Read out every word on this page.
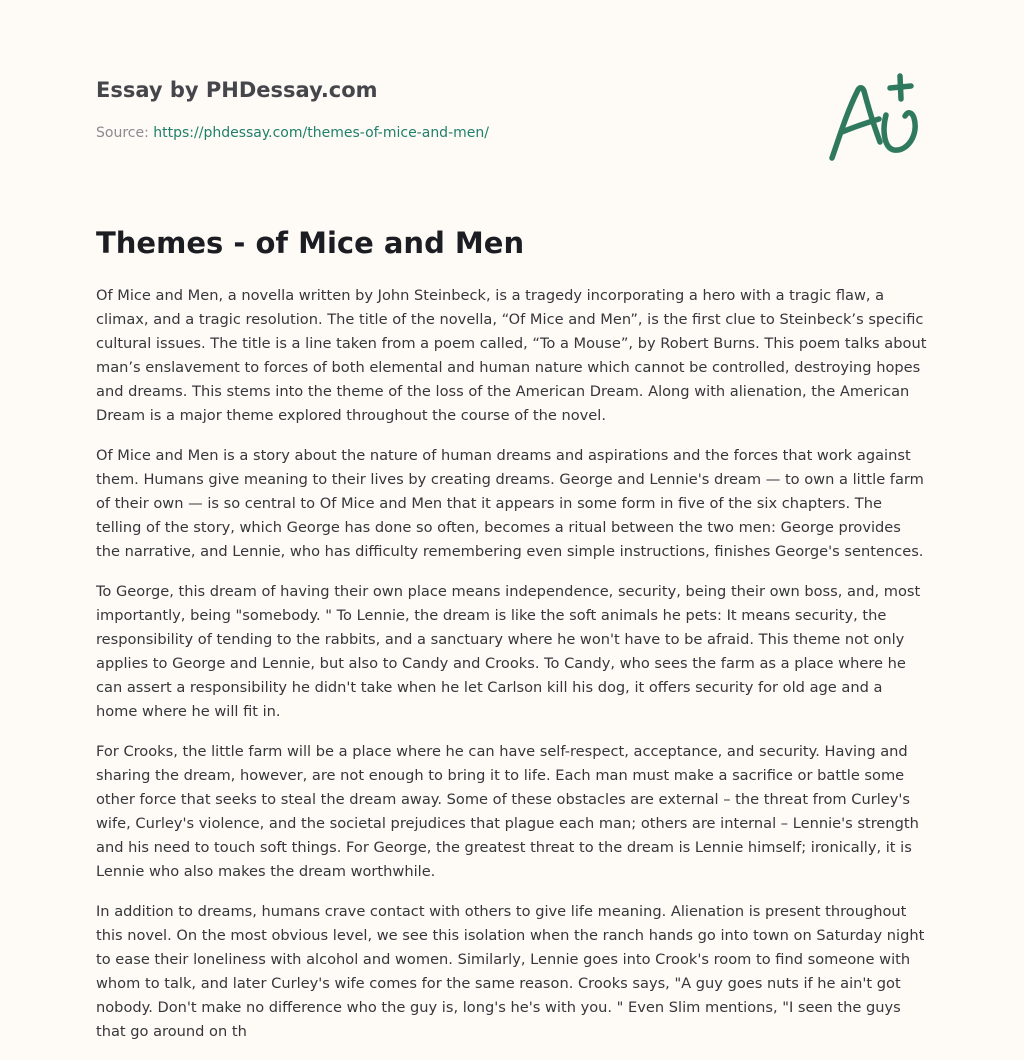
Essay by PHDessay.com
Source: https://phdessay.com/themes-of-mice-and-men/
Themes - of Mice and Men

Of Mice and Men, a novella written by John Steinbeck, is a tragedy incorporating a hero with a tragic flaw, a climax, and a tragic resolution. The title of the novella, “Of Mice and Men”, is the first clue to Steinbeck’s specific cultural issues. The title is a line taken from a poem called, “To a Mouse”, by Robert Burns. This poem talks about man’s enslavement to forces of both elemental and human nature which cannot be controlled, destroying hopes and dreams. This stems into the theme of the loss of the American Dream. Along with alienation, the American Dream is a major theme explored throughout the course of the novel.

Of Mice and Men is a story about the nature of human dreams and aspirations and the forces that work against them. Humans give meaning to their lives by creating dreams. George and Lennie's dream — to own a little farm of their own — is so central to Of Mice and Men that it appears in some form in five of the six chapters. The telling of the story, which George has done so often, becomes a ritual between the two men: George provides the narrative, and Lennie, who has difficulty remembering even simple instructions, finishes George's sentences.

To George, this dream of having their own place means independence, security, being their own boss, and, most importantly, being "somebody. " To Lennie, the dream is like the soft animals he pets: It means security, the responsibility of tending to the rabbits, and a sanctuary where he won't have to be afraid. This theme not only applies to George and Lennie, but also to Candy and Crooks. To Candy, who sees the farm as a place where he can assert a responsibility he didn't take when he let Carlson kill his dog, it offers security for old age and a home where he will fit in.

For Crooks, the little farm will be a place where he can have self-respect, acceptance, and security. Having and sharing the dream, however, are not enough to bring it to life. Each man must make a sacrifice or battle some other force that seeks to steal the dream away. Some of these obstacles are external – the threat from Curley's wife, Curley's violence, and the societal prejudices that plague each man; others are internal – Lennie's strength and his need to touch soft things. For George, the greatest threat to the dream is Lennie himself; ironically, it is Lennie who also makes the dream worthwhile.

In addition to dreams, humans crave contact with others to give life meaning. Alienation is present throughout this novel. On the most obvious level, we see this isolation when the ranch hands go into town on Saturday night to ease their loneliness with alcohol and women. Similarly, Lennie goes into Crook's room to find someone with whom to talk, and later Curley's wife comes for the same reason. Crooks says, "A guy goes nuts if he ain't got nobody. Don't make no difference who the guy is, long's he's with you. " Even Slim mentions, "I seen the guys that go around on th
